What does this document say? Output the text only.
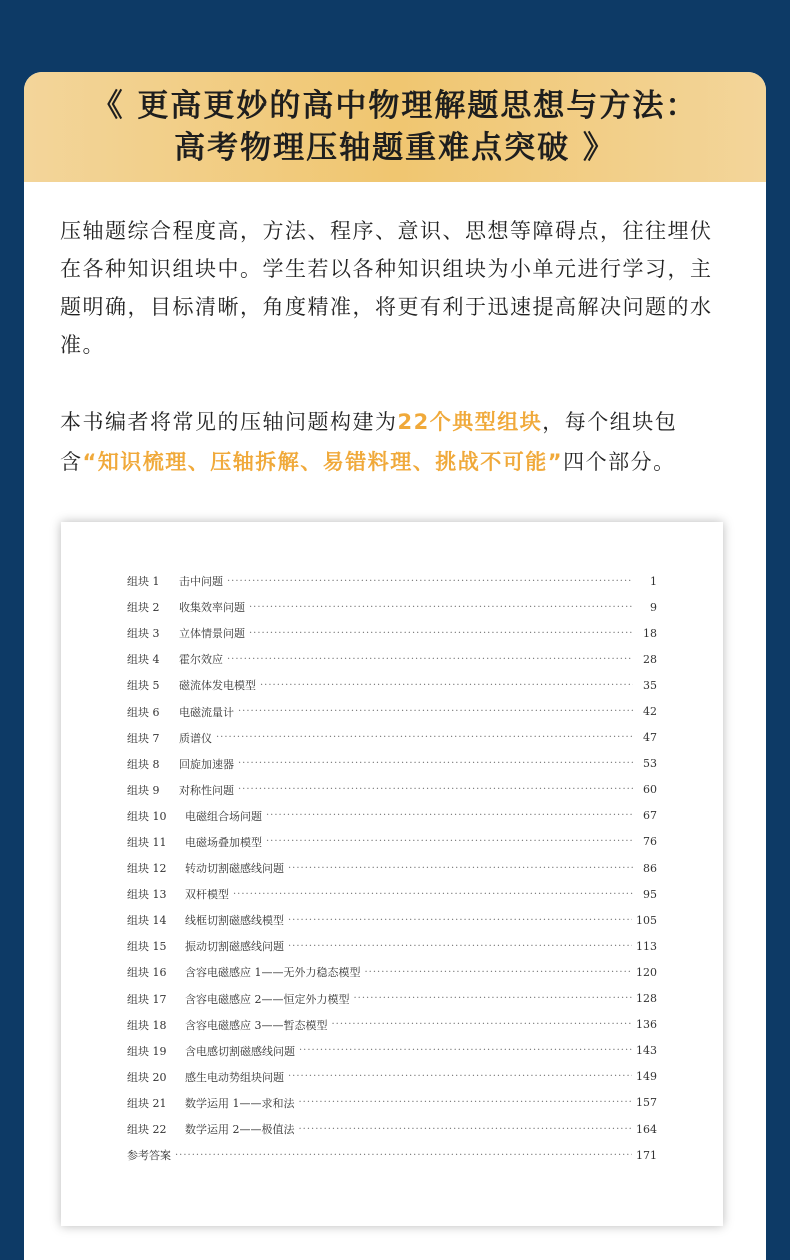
《 更高更妙的高中物理解题思想与方法：
高考物理压轴题重难点突破 》

压轴题综合程度高，方法、程序、意识、思想等障碍点，往往埋伏在各种知识组块中。学生若以各种知识组块为小单元进行学习，主题明确，目标清晰，角度精准，将更有利于迅速提高解决问题的水准。

本书编者将常见的压轴问题构建为22个典型组块，每个组块包含“知识梳理、压轴拆解、易错料理、挑战不可能”四个部分。

组块 1	击中问题 ·····	1
组块 2	收集效率问题 ·····	9
组块 3	立体情景问题 ·····	18
组块 4	霍尔效应 ·····	28
组块 5	磁流体发电模型 ·····	35
组块 6	电磁流量计 ·····	42
组块 7	质谱仪 ·····	47
组块 8	回旋加速器 ·····	53
组块 9	对称性问题 ·····	60
组块 10	电磁组合场问题 ·····	67
组块 11	电磁场叠加模型 ·····	76
组块 12	转动切割磁感线问题 ·····	86
组块 13	双杆模型 ·····	95
组块 14	线框切割磁感线模型 ·····	105
组块 15	振动切割磁感线问题 ·····	113
组块 16	含容电磁感应 1——无外力稳态模型 ·····	120
组块 17	含容电磁感应 2——恒定外力模型 ·····	128
组块 18	含容电磁感应 3——暂态模型 ·····	136
组块 19	含电感切割磁感线问题 ·····	143
组块 20	感生电动势组块问题 ·····	149
组块 21	数学运用 1——求和法 ·····	157
组块 22	数学运用 2——极值法 ·····	164
参考答案 ·····	171
